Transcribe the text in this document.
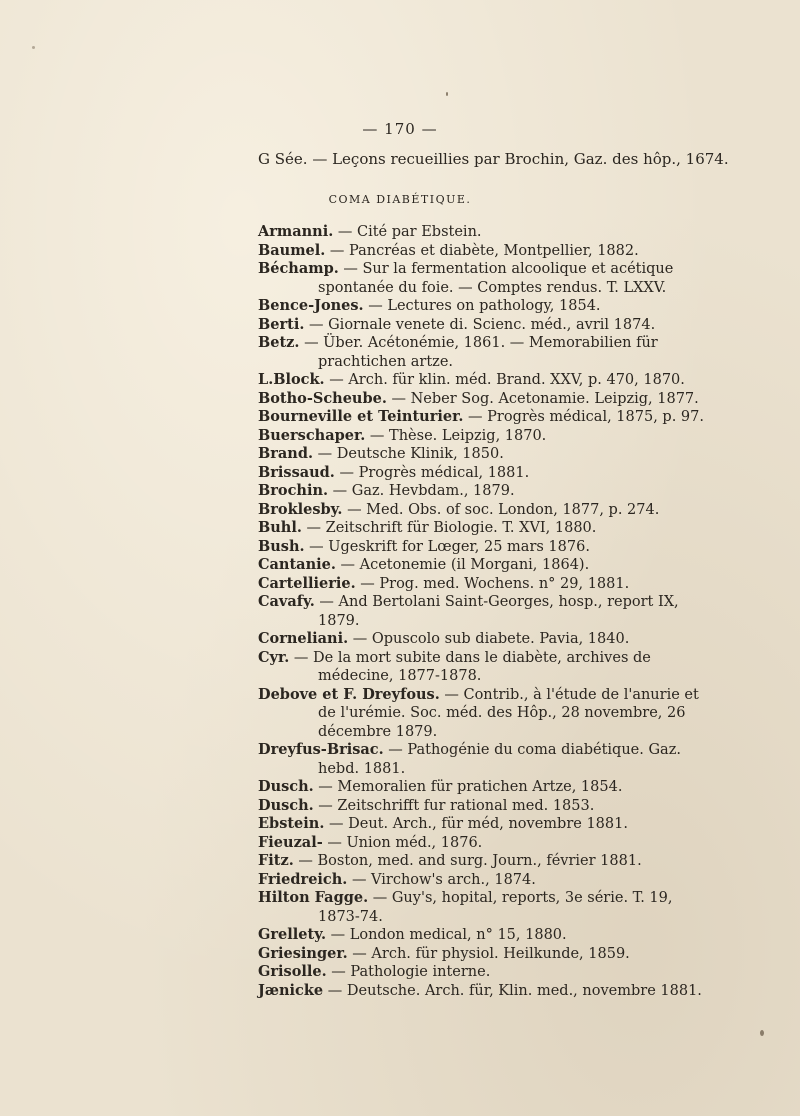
— 170 —
G Sée. — Leçons recueillies par Brochin, Gaz. des hôp., 1674.
COMA DIABÉTIQUE.

Armanni. — Cité par Ebstein.

Baumel. — Pancréas et diabète, Montpellier, 1882.

Béchamp. — Sur la fermentation alcoolique et acétique spontanée du foie. — Comptes rendus. T. LXXV.

Bence-Jones. — Lectures on pathology, 1854.

Berti. — Giornale venete di. Scienc. méd., avril 1874.

Betz. — Über. Acétonémie, 1861. — Memorabilien für prachtichen artze.

L.Block. — Arch. für klin. méd. Brand. XXV, p. 470, 1870.

Botho-Scheube. — Neber Sog. Acetonamie. Leipzig, 1877.

Bourneville et Teinturier. — Progrès médical, 1875, p. 97.

Buerschaper. — Thèse. Leipzig, 1870.

Brand. — Deutsche Klinik, 1850.

Brissaud. — Progrès médical, 1881.

Brochin. — Gaz. Hevbdam., 1879.

Broklesby. — Med. Obs. of soc. London, 1877, p. 274.

Buhl. — Zeitschrift für Biologie. T. XVI, 1880.

Bush. — Ugeskrift for Lœger, 25 mars 1876.

Cantanie. — Acetonemie (il Morgani, 1864).

Cartellierie. — Prog. med. Wochens. n° 29, 1881.

Cavafy. — And Bertolani Saint-Georges, hosp., report IX, 1879.

Corneliani. — Opuscolo sub diabete. Pavia, 1840.

Cyr. — De la mort subite dans le diabète, archives de médecine, 1877-1878.

Debove et F. Dreyfous. — Contrib., à l'étude de l'anurie et de l'urémie. Soc. méd. des Hôp., 28 novembre, 26 décembre 1879.

Dreyfus-Brisac. — Pathogénie du coma diabétique. Gaz. hebd. 1881.

Dusch. — Memoralien für pratichen Artze, 1854.

Dusch. — Zeitschrifft fur rational med. 1853.

Ebstein. — Deut. Arch., für méd, novembre 1881.

Fieuzal- — Union méd., 1876.

Fitz. — Boston, med. and surg. Journ., février 1881.

Friedreich. — Virchow's arch., 1874.

Hilton Fagge. — Guy's, hopital, reports, 3e série. T. 19, 1873-74.

Grellety. — London medical, n° 15, 1880.

Griesinger. — Arch. für physiol. Heilkunde, 1859.

Grisolle. — Pathologie interne.

Jænicke — Deutsche. Arch. für, Klin. med., novembre 1881.
